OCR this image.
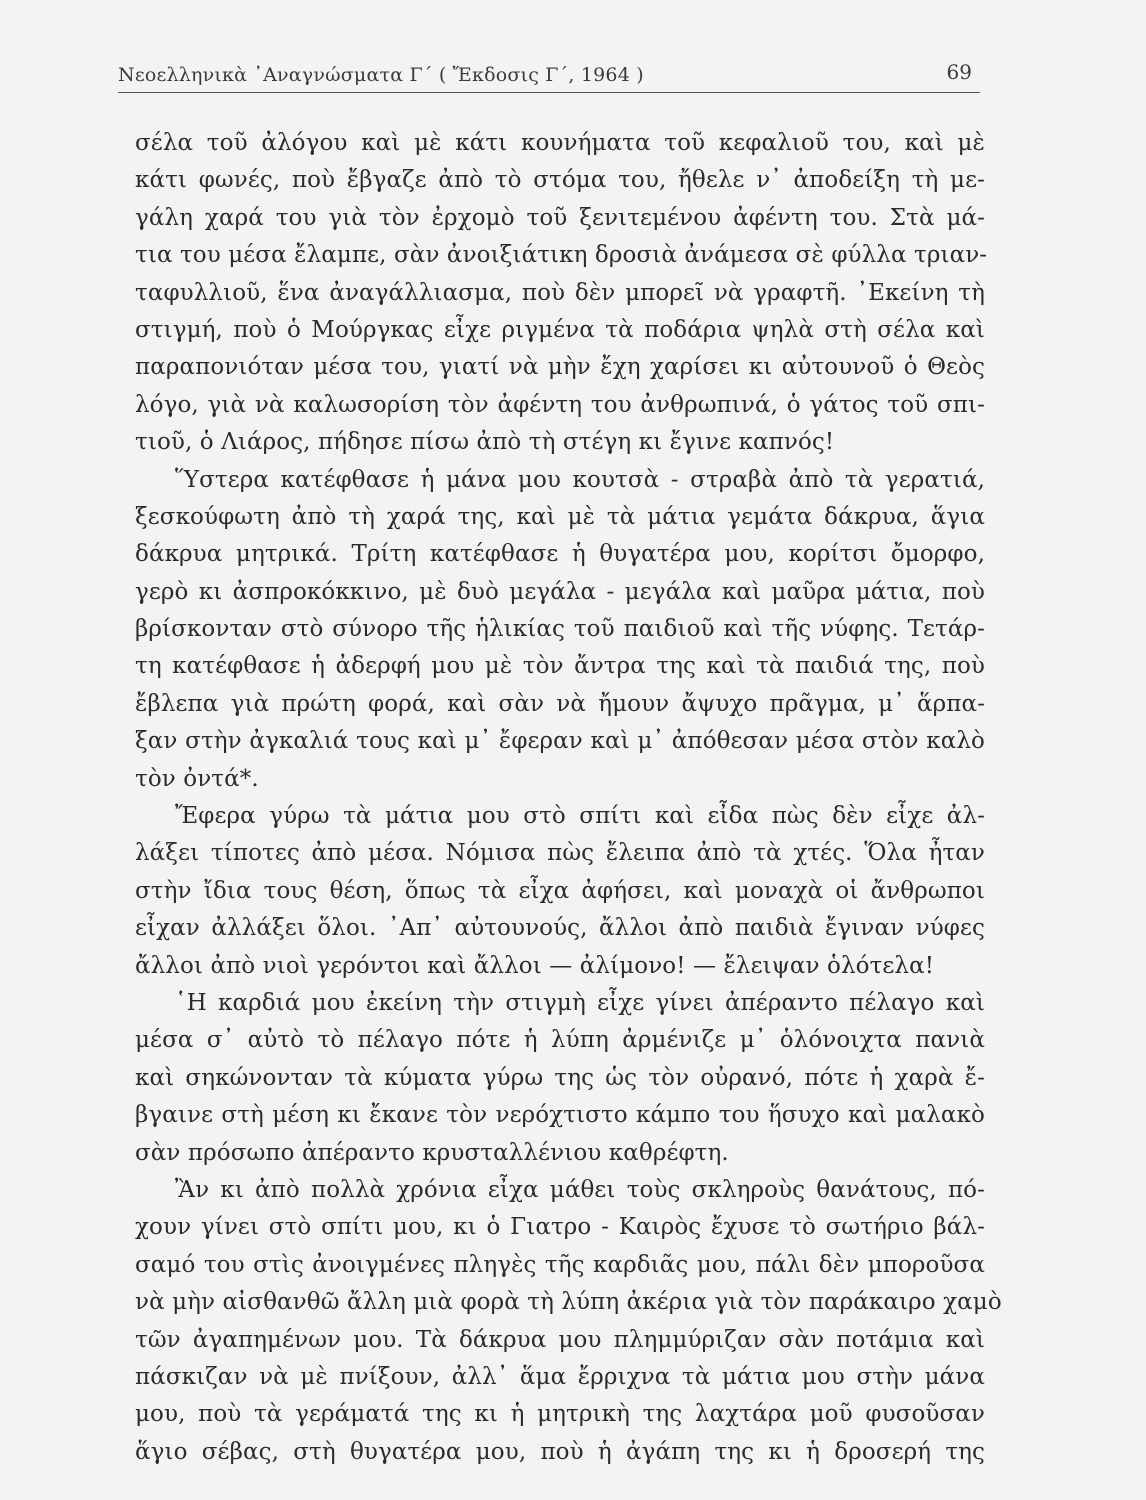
Νεοελληνικὰ ᾿Αναγνώσματα Γ΄ ( Ἔκδοσις Γ΄, 1964 )	69
σέλα τοῦ ἀλόγου καὶ μὲ κάτι κουνήματα τοῦ κεφαλιοῦ του, καὶ μὲ
κάτι φωνές, ποὺ ἔβγαζε ἀπὸ τὸ στόμα του, ἤθελε ν᾿ ἀποδείξη τὴ με-
γάλη χαρά του γιὰ τὸν ἐρχομὸ τοῦ ξενιτεμένου ἀφέντη του. Στὰ μά-
τια του μέσα ἔλαμπε, σὰν ἀνοιξιάτικη δροσιὰ ἀνάμεσα σὲ φύλλα τριαν-
ταφυλλιοῦ, ἕνα ἀναγάλλιασμα, ποὺ δὲν μπορεῖ νὰ γραφτῆ. ᾿Εκείνη τὴ
στιγμή, ποὺ ὁ Μούργκας εἶχε ριγμένα τὰ ποδάρια ψηλὰ στὴ σέλα καὶ
παραπονιόταν μέσα του, γιατί νὰ μὴν ἔχη χαρίσει κι αὐτουνοῦ ὁ Θεὸς
λόγο, γιὰ νὰ καλωσορίση τὸν ἀφέντη του ἀνθρωπινά, ὁ γάτος τοῦ σπι-
τιοῦ, ὁ Λιάρος, πήδησε πίσω ἀπὸ τὴ στέγη κι ἔγινε καπνός!
Ὕστερα κατέφθασε ἡ μάνα μου κουτσὰ - στραβὰ ἀπὸ τὰ γερατιά,
ξεσκούφωτη ἀπὸ τὴ χαρά της, καὶ μὲ τὰ μάτια γεμάτα δάκρυα, ἅγια
δάκρυα μητρικά. Τρίτη κατέφθασε ἡ θυγατέρα μου, κορίτσι ὄμορφο,
γερὸ κι ἀσπροκόκκινο, μὲ δυὸ μεγάλα - μεγάλα καὶ μαῦρα μάτια, ποὺ
βρίσκονταν στὸ σύνορο τῆς ἡλικίας τοῦ παιδιοῦ καὶ τῆς νύφης. Τετάρ-
τη κατέφθασε ἡ ἀδερφή μου μὲ τὸν ἄντρα της καὶ τὰ παιδιά της, ποὺ
ἔβλεπα γιὰ πρώτη φορά, καὶ σὰν νὰ ἤμουν ἄψυχο πρᾶγμα, μ᾿ ἅρπα-
ξαν στὴν ἀγκαλιά τους καὶ μ᾿ ἔφεραν καὶ μ᾿ ἀπόθεσαν μέσα στὸν καλὸ
τὸν ὀντά*.
Ἔφερα γύρω τὰ μάτια μου στὸ σπίτι καὶ εἶδα πὼς δὲν εἶχε ἀλ-
λάξει τίποτες ἀπὸ μέσα. Νόμισα πὼς ἔλειπα ἀπὸ τὰ χτές. Ὅλα ἦταν
στὴν ἴδια τους θέση, ὅπως τὰ εἶχα ἀφήσει, καὶ μοναχὰ οἱ ἄνθρωποι
εἶχαν ἀλλάξει ὅλοι. ᾿Απ᾿ αὐτουνούς, ἄλλοι ἀπὸ παιδιὰ ἔγιναν νύφες
ἄλλοι ἀπὸ νιοὶ γερόντοι καὶ ἄλλοι — ἀλίμονο! — ἔλειψαν ὁλότελα!
῾Η καρδιά μου ἐκείνη τὴν στιγμὴ εἶχε γίνει ἀπέραντο πέλαγο καὶ
μέσα σ᾿ αὐτὸ τὸ πέλαγο πότε ἡ λύπη ἀρμένιζε μ᾿ ὁλόνοιχτα πανιὰ
καὶ σηκώνονταν τὰ κύματα γύρω της ὡς τὸν οὐρανό, πότε ἡ χαρὰ ἔ-
βγαινε στὴ μέση κι ἔκανε τὸν νερόχτιστο κάμπο του ἥσυχο καὶ μαλακὸ
σὰν πρόσωπο ἀπέραντο κρυσταλλένιου καθρέφτη.
Ἂν κι ἀπὸ πολλὰ χρόνια εἶχα μάθει τοὺς σκληροὺς θανάτους, πό-
χουν γίνει στὸ σπίτι μου, κι ὁ Γιατρο - Καιρὸς ἔχυσε τὸ σωτήριο βάλ-
σαμό του στὶς ἀνοιγμένες πληγὲς τῆς καρδιᾶς μου, πάλι δὲν μποροῦσα
νὰ μὴν αἰσθανθῶ ἄλλη μιὰ φορὰ τὴ λύπη ἀκέρια γιὰ τὸν παράκαιρο χαμὸ
τῶν ἀγαπημένων μου. Τὰ δάκρυα μου πλημμύριζαν σὰν ποτάμια καὶ
πάσκιζαν νὰ μὲ πνίξουν, ἀλλ᾿ ἅμα ἔρριχνα τὰ μάτια μου στὴν μάνα
μου, ποὺ τὰ γεράματά της κι ἡ μητρικὴ της λαχτάρα μοῦ φυσοῦσαν
ἅγιο σέβας, στὴ θυγατέρα μου, ποὺ ἡ ἀγάπη της κι ἡ δροσερή της
